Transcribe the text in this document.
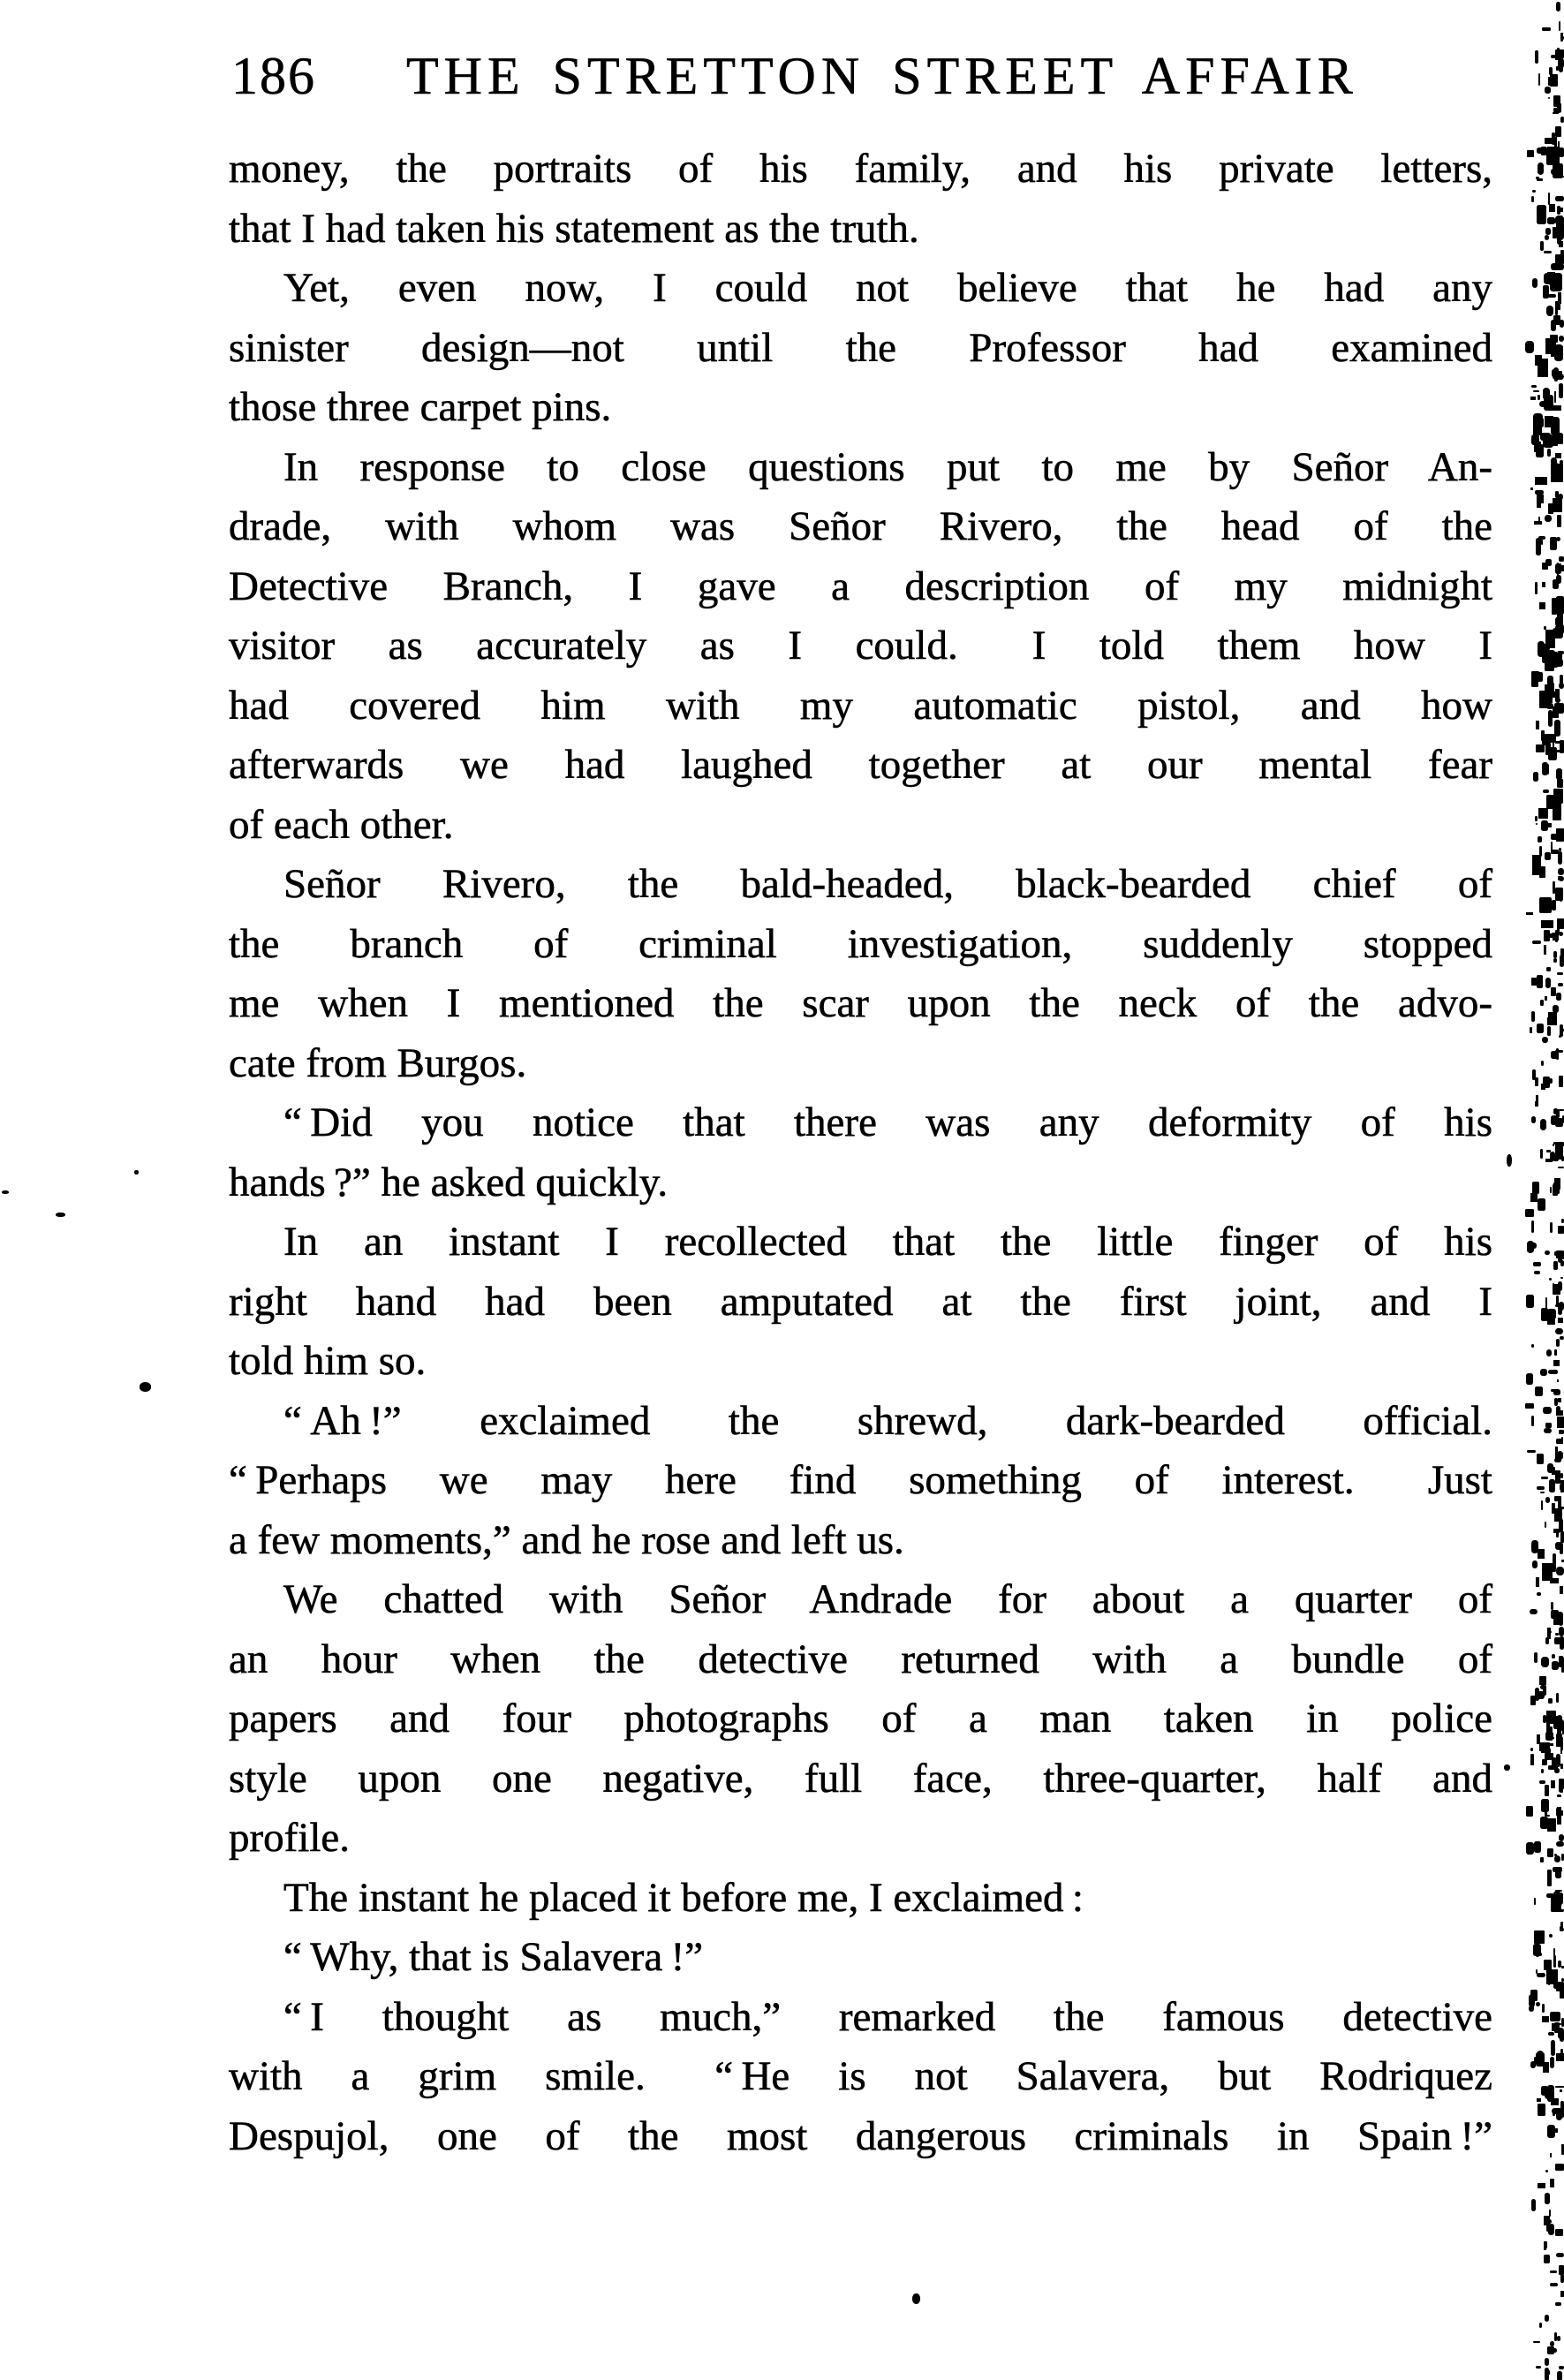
186 THE STRETTON STREET AFFAIR
money, the portraits of his family, and his private letters,
that I had taken his statement as the truth.
Yet, even now, I could not believe that he had any
sinister design—not until the Professor had examined
those three carpet pins.
In response to close questions put to me by Señor An-
drade, with whom was Señor Rivero, the head of the
Detective Branch, I gave a description of my midnight
visitor as accurately as I could.  I told them how I
had covered him with my automatic pistol, and how
afterwards we had laughed together at our mental fear
of each other.
Señor Rivero, the bald-headed, black-bearded chief of
the branch of criminal investigation, suddenly stopped
me when I mentioned the scar upon the neck of the advo-
cate from Burgos.
“ Did you notice that there was any deformity of his
hands ?” he asked quickly.
In an instant I recollected that the little finger of his
right hand had been amputated at the first joint, and I
told him so.
“ Ah !” exclaimed the shrewd, dark-bearded official.
“ Perhaps we may here find something of interest.  Just
a few moments,” and he rose and left us.
We chatted with Señor Andrade for about a quarter of
an hour when the detective returned with a bundle of
papers and four photographs of a man taken in police
style upon one negative, full face, three-quarter, half and
profile.
The instant he placed it before me, I exclaimed :
“ Why, that is Salavera !”
“ I thought as much,” remarked the famous detective
with a grim smile.  “ He is not Salavera, but Rodriquez
Despujol, one of the most dangerous criminals in Spain !”
